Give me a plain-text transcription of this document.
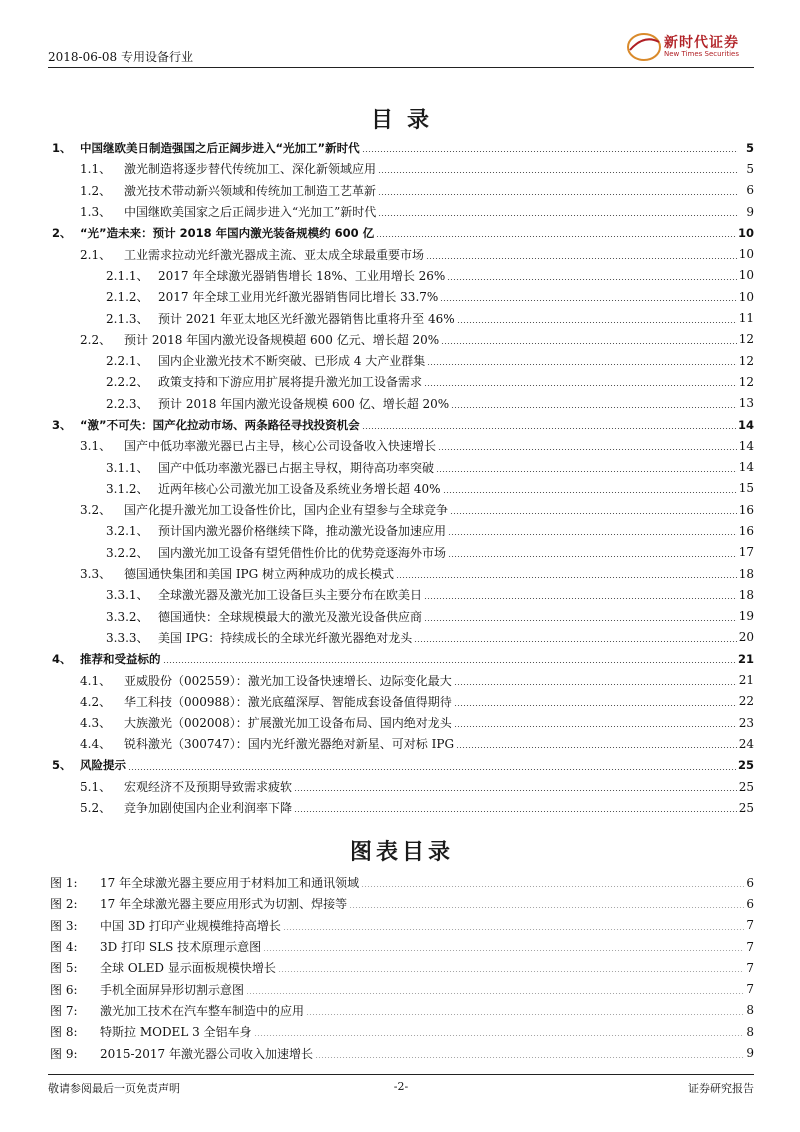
2018-06-08 专用设备行业
新时代证券
New Times Securities
目录
1、 中国继欧美日制造强国之后正阔步进入“光加工”新时代	5
1.1、	激光制造将逐步替代传统加工、深化新领域应用	5
1.2、	激光技术带动新兴领域和传统加工制造工艺革新	6
1.3、	中国继欧美国家之后正阔步进入“光加工”新时代	9
2、 “光”造未来：预计 2018 年国内激光装备规模约 600 亿	10
2.1、	工业需求拉动光纤激光器成主流、亚太成全球最重要市场	10
2.1.1、 2017 年全球激光器销售增长 18%、工业用增长 26%	10
2.1.2、 2017 年全球工业用光纤激光器销售同比增长 33.7%	10
2.1.3、 预计 2021 年亚太地区光纤激光器销售比重将升至 46%	11
2.2、	预计 2018 年国内激光设备规模超 600 亿元、增长超 20%	12
2.2.1、 国内企业激光技术不断突破、已形成 4 大产业群集	12
2.2.2、 政策支持和下游应用扩展将提升激光加工设备需求	12
2.2.3、 预计 2018 年国内激光设备规模 600 亿、增长超 20%	13
3、 “激”不可失：国产化拉动市场、两条路径寻找投资机会	14
3.1、	国产中低功率激光器已占主导，核心公司设备收入快速增长	14
3.1.1、 国产中低功率激光器已占据主导权，期待高功率突破	14
3.1.2、 近两年核心公司激光加工设备及系统业务增长超 40%	15
3.2、	国产化提升激光加工设备性价比，国内企业有望参与全球竞争	16
3.2.1、 预计国内激光器价格继续下降，推动激光设备加速应用	16
3.2.2、 国内激光加工设备有望凭借性价比的优势竞逐海外市场	17
3.3、	德国通快集团和美国 IPG 树立两种成功的成长模式	18
3.3.1、 全球激光器及激光加工设备巨头主要分布在欧美日	18
3.3.2、 德国通快：全球规模最大的激光及激光设备供应商	19
3.3.3、 美国 IPG：持续成长的全球光纤激光器绝对龙头	20
4、 推荐和受益标的	21
4.1、	亚威股份（002559）：激光加工设备快速增长、边际变化最大	21
4.2、	华工科技（000988）：激光底蕴深厚、智能成套设备值得期待	22
4.3、	大族激光（002008）：扩展激光加工设备布局、国内绝对龙头	23
4.4、	锐科激光（300747）：国内光纤激光器绝对新星、可对标 IPG	24
5、 风险提示	25
5.1、	宏观经济不及预期导致需求疲软	25
5.2、	竞争加剧使国内企业利润率下降	25
图表目录
图 1:	17 年全球激光器主要应用于材料加工和通讯领域	6
图 2:	17 年全球激光器主要应用形式为切割、焊接等	6
图 3:	中国 3D 打印产业规模维持高增长	7
图 4:	3D 打印 SLS 技术原理示意图	7
图 5:	全球 OLED 显示面板规模快增长	7
图 6:	手机全面屏异形切割示意图	7
图 7:	激光加工技术在汽车整车制造中的应用	8
图 8:	特斯拉 MODEL 3 全铝车身	8
图 9:	2015-2017 年激光器公司收入加速增长	9
敬请参阅最后一页免责声明	-2-	证券研究报告
